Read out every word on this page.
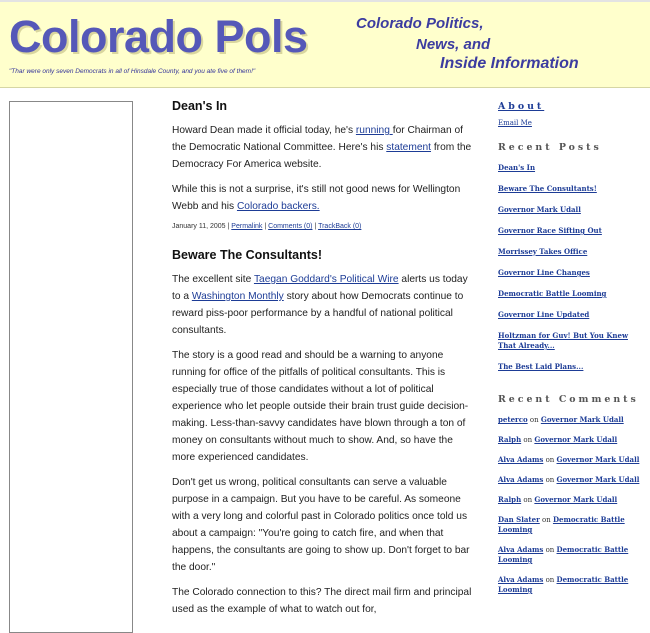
Colorado Pols
"Thar were only seven Democrats in all of Hinsdale County, and you ate five of them!"
Colorado Politics,
News, and
Inside Information
Dean's In

Howard Dean made it official today, he's running for Chairman of the Democratic National Committee. Here's his statement from the Democracy For America website.

While this is not a surprise, it's still not good news for Wellington Webb and his Colorado backers.

January 11, 2005 | Permalink | Comments (0) | TrackBack (0)
Beware The Consultants!

The excellent site Taegan Goddard's Political Wire alerts us today to a Washington Monthly story about how Democrats continue to reward piss-poor performance by a handful of national political consultants.

The story is a good read and should be a warning to anyone running for office of the pitfalls of political consultants. This is especially true of those candidates without a lot of political experience who let people outside their brain trust guide decision-making. Less-than-savvy candidates have blown through a ton of money on consultants without much to show. And, so have the more experienced candidates.

Don't get us wrong, political consultants can serve a valuable purpose in a campaign. But you have to be careful. As someone with a very long and colorful past in Colorado politics once told us about a campaign: "You're going to catch fire, and when that happens, the consultants are going to show up. Don't forget to bar the door."

The Colorado connection to this? The direct mail firm and principal used as the example of what to watch out for,

About
Email Me
Recent Posts
Dean's In
Beware The Consultants!
Governor Mark Udall
Governor Race Sifting Out
Morrissey Takes Office
Governor Line Changes
Democratic Battle Looming
Governor Line Updated
Holtzman for Guv! But You Knew That Already...
The Best Laid Plans...
Recent Comments
peterco on Governor Mark Udall
Ralph on Governor Mark Udall
Alva Adams on Governor Mark Udall
Alva Adams on Governor Mark Udall
Ralph on Governor Mark Udall
Dan Slater on Democratic Battle Looming
Alva Adams on Democratic Battle Looming
Alva Adams on Democratic Battle Looming
